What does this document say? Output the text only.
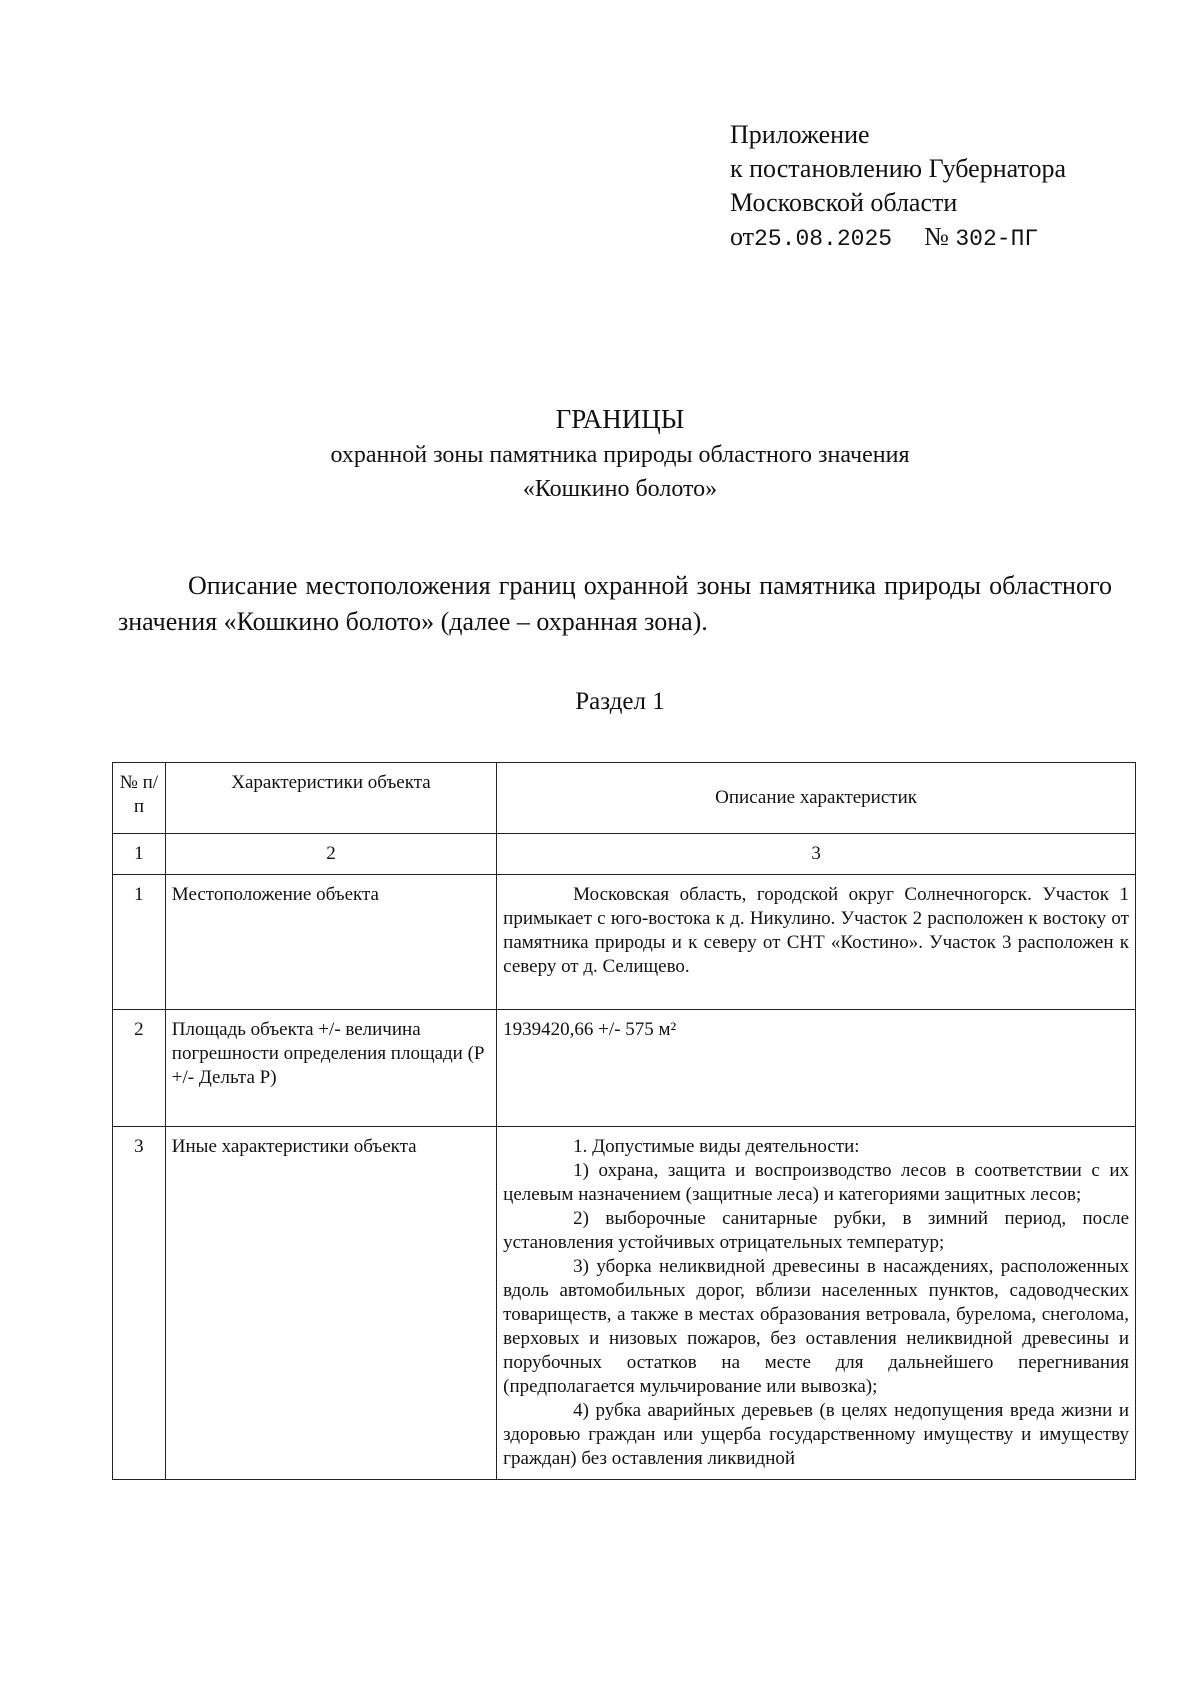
Приложение
к постановлению Губернатора
Московской области
от25.08.2025 № 302-ПГ
ГРАНИЦЫ
охранной зоны памятника природы областного значения
«Кошкино болото»

Описание местоположения границ охранной зоны памятника природы областного значения «Кошкино болото» (далее – охранная зона).

Раздел 1
№ п/п	Характеристики объекта	Описание характеристик
1	2	3
1	Местоположение объекта	Московская область, городской округ Солнечногорск. Участок 1 примыкает с юго-востока к д. Никулино. Участок 2 расположен к востоку от памятника природы и к северу от СНТ «Костино». Участок 3 расположен к северу от д. Селищево.
2	Площадь объекта +/- величина погрешности определения площади (P +/- Дельта P)	1939420,66 +/- 575 м²
3	Иные характеристики объекта	1. Допустимые виды деятельности:

1) охрана, защита и воспроизводство лесов в соответствии с их целевым назначением (защитные леса) и категориями защитных лесов;

2) выборочные санитарные рубки, в зимний период, после установления устойчивых отрицательных температур;

3) уборка неликвидной древесины в насаждениях, расположенных вдоль автомобильных дорог, вблизи населенных пунктов, садоводческих товариществ, а также в местах образования ветровала, бурелома, снеголома, верховых и низовых пожаров, без оставления неликвидной древесины и порубочных остатков на месте для дальнейшего перегнивания (предполагается мульчирование или вывозка);

4) рубка аварийных деревьев (в целях недопущения вреда жизни и здоровью граждан или ущерба государственному имуществу и имуществу граждан) без оставления ликвидной
